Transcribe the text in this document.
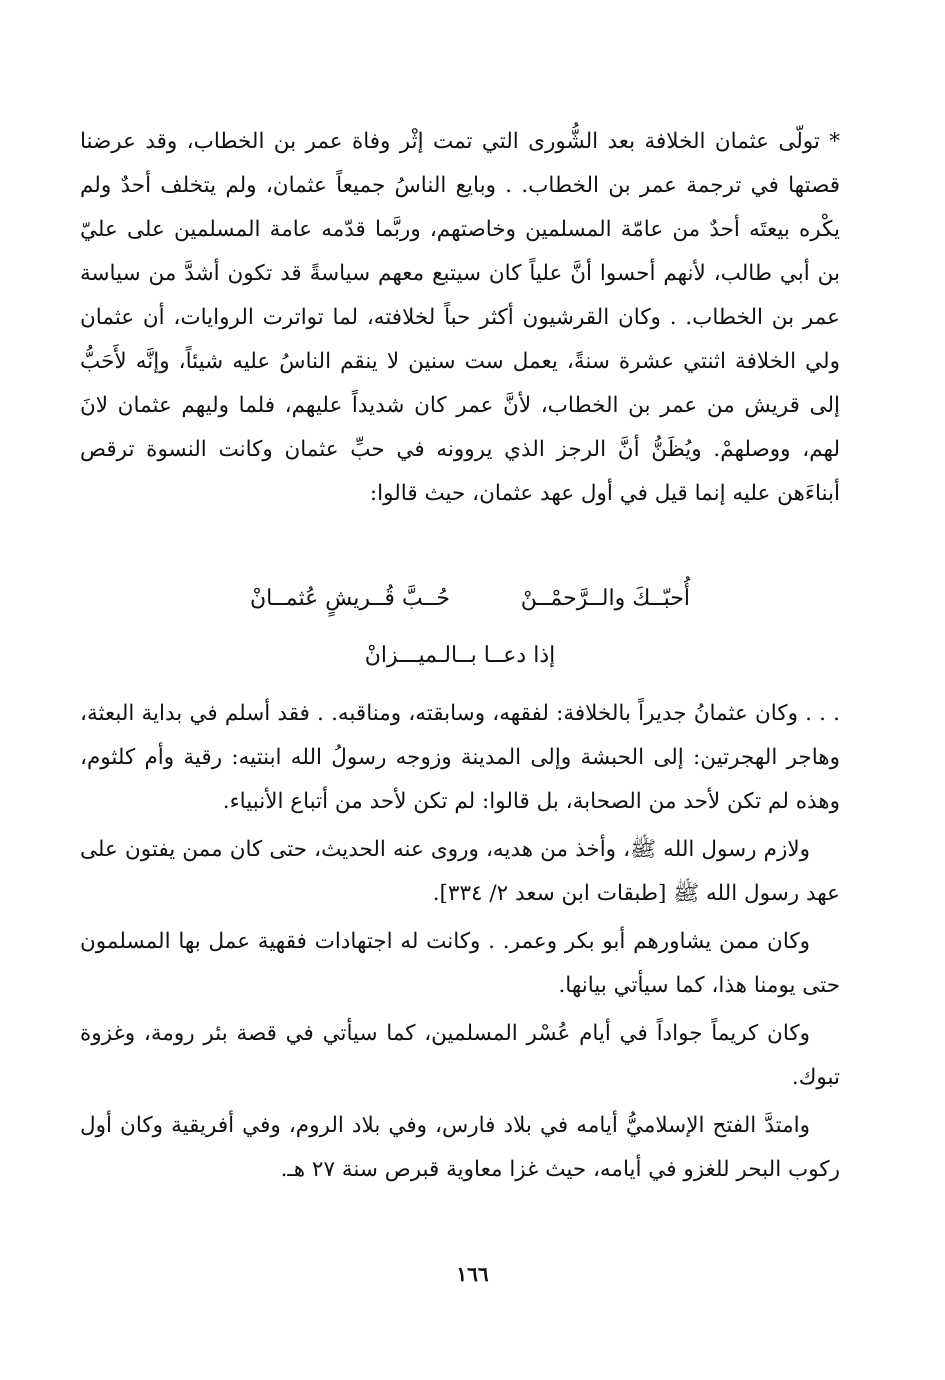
* تولّى عثمان الخلافة بعد الشُّورى التي تمت إثْر وفاة عمر بن الخطاب، وقد عرضنا قصتها في ترجمة عمر بن الخطاب. . وبايع الناسُ جميعاً عثمان، ولم يتخلف أحدٌ ولم يكْره بيعتَه أحدٌ من عامّة المسلمين وخاصتهم، وربَّما قدّمه عامة المسلمين على عليّ بن أبي طالب، لأنهم أحسوا أنَّ علياً كان سيتبع معهم سياسةً قد تكون أشدَّ من سياسة عمر بن الخطاب. . وكان القرشيون أكثر حباً لخلافته، لما تواترت الروايات، أن عثمان ولي الخلافة اثنتي عشرة سنةً، يعمل ست سنين لا ينقم الناسُ عليه شيئاً، وإنَّه لأَحَبُّ إلى قريش من عمر بن الخطاب، لأنَّ عمر كان شديداً عليهم، فلما وليهم عثمان لانَ لهم، ووصلهمْ. ويُظَنُّ أنَّ الرجز الذي يروونه في حبِّ عثمان وكانت النسوة ترقص أبناءَهن عليه إنما قيل في أول عهد عثمان، حيث قالوا:

أُحبّــكَ والــرَّحمْــنْ
حُــبَّ قُــريشٍ عُثمــانْ
إذا دعــا بــالـميـــزانْ

. . . وكان عثمانُ جديراً بالخلافة: لفقهه، وسابقته، ومناقبه. . فقد أسلم في بداية البعثة، وهاجر الهجرتين: إلى الحبشة وإلى المدينة وزوجه رسولُ الله ابنتيه: رقية وأم كلثوم، وهذه لم تكن لأحد من الصحابة، بل قالوا: لم تكن لأحد من أتباع الأنبياء.

ولازم رسول الله ﷺ، وأخذ من هديه، وروى عنه الحديث، حتى كان ممن يفتون على عهد رسول الله ﷺ [طبقات ابن سعد ٢/ ٣٣٤].

وكان ممن يشاورهم أبو بكر وعمر. . وكانت له اجتهادات فقهية عمل بها المسلمون حتى يومنا هذا، كما سيأتي بيانها.

وكان كريماً جواداً في أيام عُسْر المسلمين، كما سيأتي في قصة بئر رومة، وغزوة تبوك.

وامتدَّ الفتح الإسلاميُّ أيامه في بلاد فارس، وفي بلاد الروم، وفي أفريقية وكان أول ركوب البحر للغزو في أيامه، حيث غزا معاوية قبرص سنة ٢٧ هـ.

١٦٦
